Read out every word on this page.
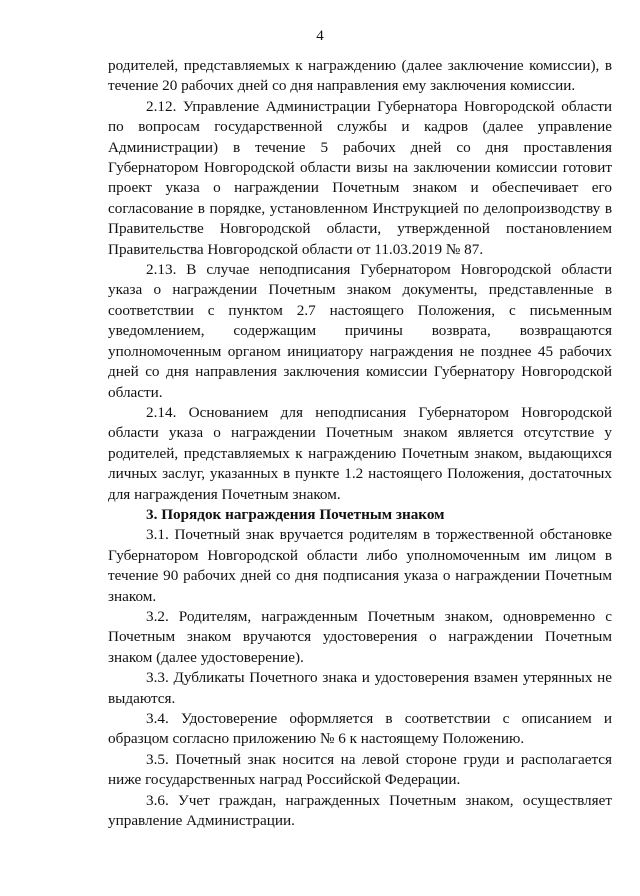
4

родителей, представляемых к награждению (далее заключение комиссии), в течение 20 рабочих дней со дня направления ему заключения комиссии.

2.12. Управление Администрации Губернатора Новгородской области по вопросам государственной службы и кадров (далее управление Администрации) в течение 5 рабочих дней со дня проставления Губернатором Новгородской области визы на заключении комиссии готовит проект указа о награждении Почетным знаком и обеспечивает его согласование в порядке, установленном Инструкцией по делопроизводству в Правительстве Новгородской области, утвержденной постановлением Правительства Новгородской области от 11.03.2019 № 87.

2.13. В случае неподписания Губернатором Новгородской области указа о награждении Почетным знаком документы, представленные в соответствии с пунктом 2.7 настоящего Положения, с письменным уведомлением, содержащим причины возврата, возвращаются уполномоченным органом инициатору награждения не позднее 45 рабочих дней со дня направления заключения комиссии Губернатору Новгородской области.

2.14. Основанием для неподписания Губернатором Новгородской области указа о награждении Почетным знаком является отсутствие у родителей, представляемых к награждению Почетным знаком, выдающихся личных заслуг, указанных в пункте 1.2 настоящего Положения, достаточных для награждения Почетным знаком.

3. Порядок награждения Почетным знаком

3.1. Почетный знак вручается родителям в торжественной обстановке Губернатором Новгородской области либо уполномоченным им лицом в течение 90 рабочих дней со дня подписания указа о награждении Почетным знаком.

3.2. Родителям, награжденным Почетным знаком, одновременно с Почетным знаком вручаются удостоверения о награждении Почетным знаком (далее удостоверение).

3.3. Дубликаты Почетного знака и удостоверения взамен утерянных не выдаются.

3.4. Удостоверение оформляется в соответствии с описанием и образцом согласно приложению № 6 к настоящему Положению.

3.5. Почетный знак носится на левой стороне груди и располагается ниже государственных наград Российской Федерации.

3.6. Учет граждан, награжденных Почетным знаком, осуществляет управление Администрации.
